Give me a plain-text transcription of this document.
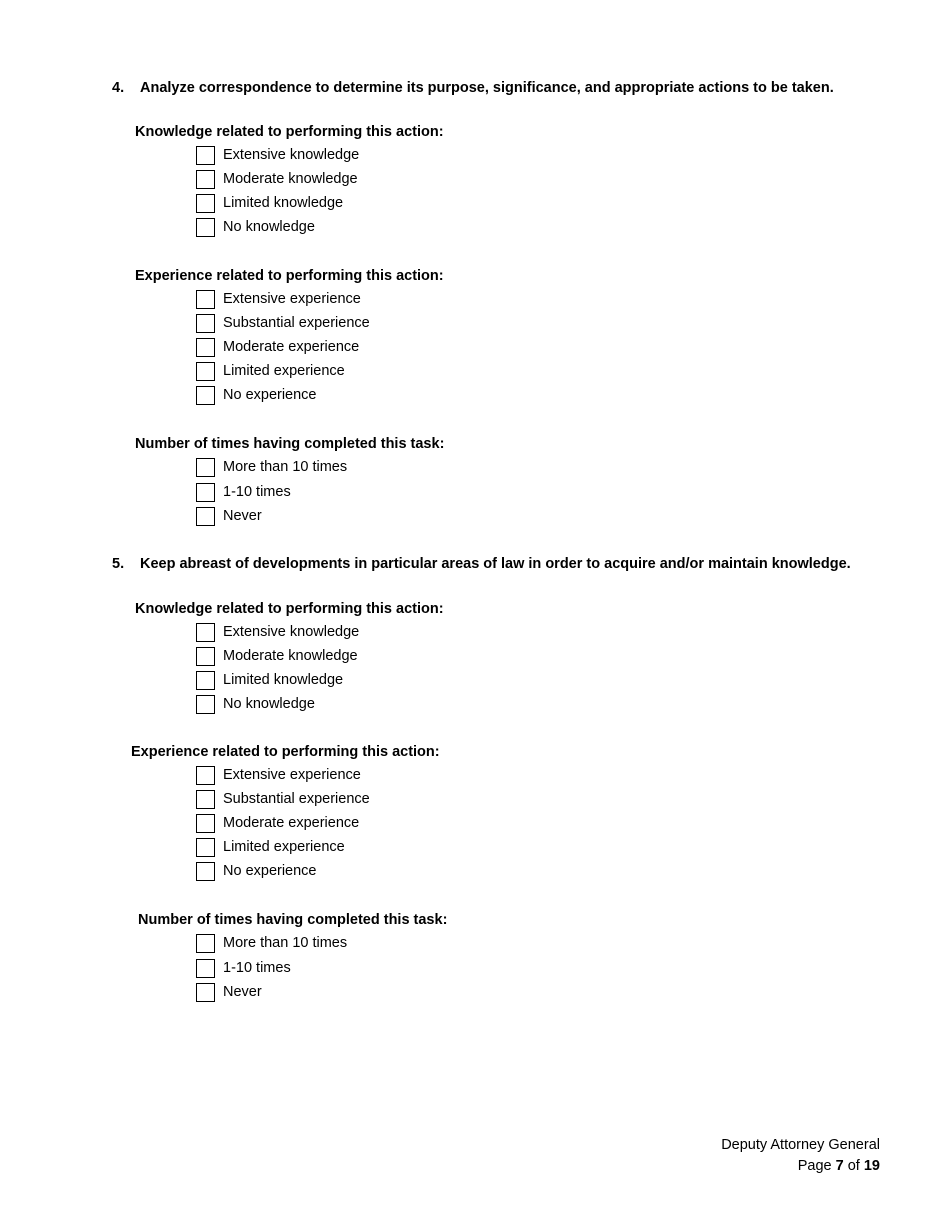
4. Analyze correspondence to determine its purpose, significance, and appropriate actions to be taken.
Knowledge related to performing this action:
Extensive knowledge
Moderate knowledge
Limited knowledge
No knowledge
Experience related to performing this action:
Extensive experience
Substantial experience
Moderate experience
Limited experience
No experience
Number of times having completed this task:
More than 10 times
1-10 times
Never
5. Keep abreast of developments in particular areas of law in order to acquire and/or maintain knowledge.
Knowledge related to performing this action:
Extensive knowledge
Moderate knowledge
Limited knowledge
No knowledge
Experience related to performing this action:
Extensive experience
Substantial experience
Moderate experience
Limited experience
No experience
Number of times having completed this task:
More than 10 times
1-10 times
Never
Deputy Attorney General
Page 7 of 19
